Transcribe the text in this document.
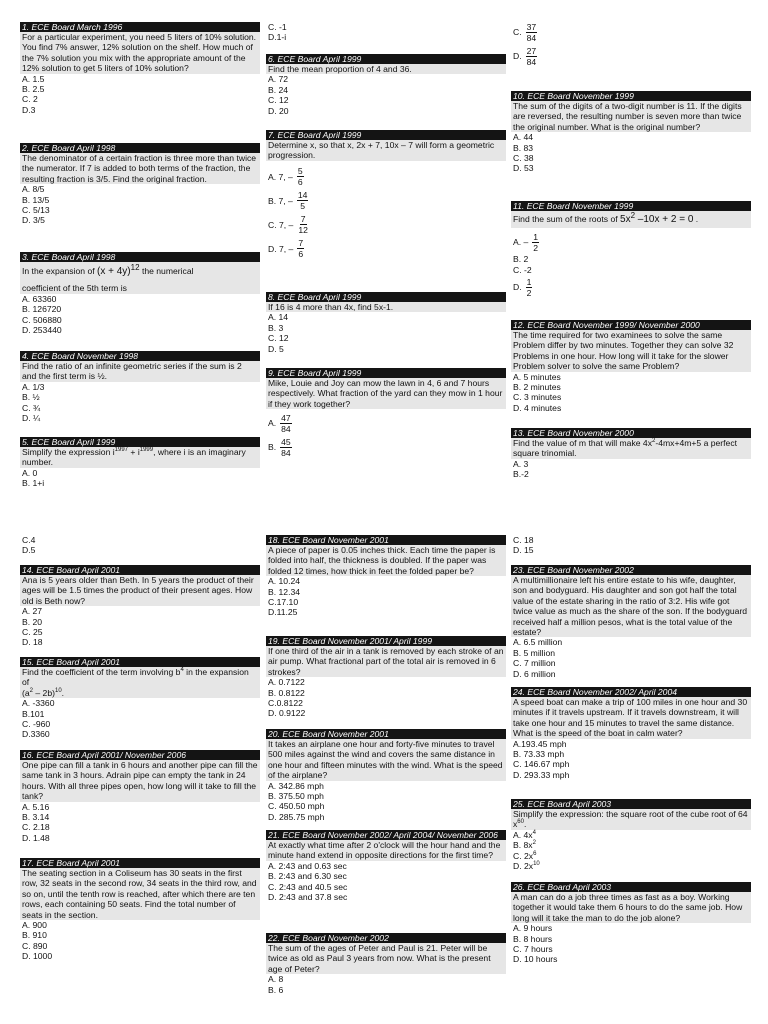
1. ECE Board March 1996
For a particular experiment, you need 5 liters of 10% solution. You find 7% answer, 12% solution on the shelf. How much of the 7% solution you mix with the appropriate amount of the 12% solution to get 5 liters of 10% solution?
A. 1.5
B. 2.5
C. 2
D.3
2. ECE Board April 1998
The denominator of a certain fraction is three more than twice the numerator. If 7 is added to both terms of the fraction, the resulting fraction is 3/5. Find the original fraction.
A. 8/5
B. 13/5
C. 5/13
D. 3/5
3. ECE Board April 1998
In the expansion of $(x + 4y)^{12}$ the numerical
coefficient of the 5th term is
A. 63360
B. 126720
C. 506880
D. 253440
4. ECE Board November 1998
Find the ratio of an infinite geometric series if the sum is 2 and the first term is ½.
A. 1/3
B. ½
C. ¾
D. ¼
5. ECE Board April 1999
Simplify the expression $i^{1997} + i^{1999}$, where i is an imaginary number.
A. 0
B. 1+i
C.4
D.5
14. ECE Board April 2001
Ana is 5 years older than Beth. In 5 years the product of their ages will be 1.5 times the product of their present ages. How old is Beth now?
A. 27
B. 20
C. 25
D. 18
15. ECE Board April 2001
Find the coefficient of the term involving $b^4$ in the expansion of
$(a^2 - 2b)^{10}$.
A. -3360
B.101
C. -960
D.3360
16. ECE Board April 2001/ November 2006
One pipe can fill a tank in 6 hours and another pipe can fill the same tank in 3 hours. Adrain pipe can empty the tank in 24 hours. With all three pipes open, how long will it take to fill the tank?
A. 5.16
B. 3.14
C. 2.18
D. 1.48
17. ECE Board April 2001
The seating section in a Coliseum has 30 seats in the first row, 32 seats in the second row, 34 seats in the third row, and so on, until the tenth row is reached, after which there are ten rows, each containing 50 seats. Find the total number of seats in the section.
A. 900
B. 910
C. 890
D. 1000
C. -1
D.1-i
6. ECE Board April 1999
Find the mean proportion of 4 and 36.
A. 72
B. 24
C. 12
D. 20
7. ECE Board April 1999
Determine x, so that x, 2x + 7, 10x – 7 will form a geometric progression.
A. 7, – $\frac{5}{6}$
B. 7, – $\frac{14}{5}$
C. 7, – $\frac{7}{12}$
D. 7, – $\frac{7}{6}$
8. ECE Board April 1999
If 16 is 4 more than 4x, find 5x-1.
A. 14
B. 3
C. 12
D. 5
9. ECE Board April 1999
Mike, Louie and Joy can mow the lawn in 4, 6 and 7 hours respectively. What fraction of the yard can they mow in 1 hour if they work together?
A. $\frac{47}{84}$
B. $\frac{45}{84}$
18. ECE Board November 2001
A piece of paper is 0.05 inches thick. Each time the paper is folded into half, the thickness is doubled. If the paper was folded 12 times, how thick in feet the folded paper be?
A. 10.24
B. 12.34
C.17.10
D.11.25
19. ECE Board November 2001/ April 1999
If one third of the air in a tank is removed by each stroke of an air pump. What fractional part of the total air is removed in 6 strokes?
A. 0.7122
B. 0.8122
C.0.8122
D. 0.9122
20. ECE Board November 2001
It takes an airplane one hour and forty-five minutes to travel 500 miles against the wind and covers the same distance in one hour and fifteen minutes with the wind. What is the speed of the airplane?
A. 342.86 mph
B. 375.50 mph
C. 450.50 mph
D. 285.75 mph
21. ECE Board November 2002/ April 2004/ November 2006
At exactly what time after 2 o'clock will the hour hand and the minute hand extend in opposite directions for the first time?
A. 2:43 and 0.63 sec
B. 2:43 and 6.30 sec
C. 2:43 and 40.5 sec
D. 2:43 and 37.8 sec
22. ECE Board November 2002
The sum of the ages of Peter and Paul is 21. Peter will be twice as old as Paul 3 years from now. What is the present age of Peter?
A. 8
B. 6
C. $\frac{37}{84}$
D. $\frac{27}{84}$
10. ECE Board November 1999
The sum of the digits of a two-digit number is 11. If the digits are reversed, the resulting number is seven more than twice the original number. What is the original number?
A. 44
B. 83
C. 38
D. 53
11. ECE Board November 1999
Find the sum of the roots of $5x^2$ –10x + 2 = 0 .
A. – $\frac{1}{2}$
B. 2
C. -2
D. $\frac{1}{2}$
12. ECE Board November 1999/ November 2000
The time required for two examinees to solve the same Problem differ by two minutes. Together they can solve 32 Problems in one hour. How long will it take for the slower Problem solver to solve the same Problem?
A. 5 minutes
B. 2 minutes
C. 3 minutes
D. 4 minutes
13. ECE Board November 2000
Find the value of m that will make $4x^2-4mx+4m+5$ a perfect square trinomial.
A. 3
B.-2
C. 18
D. 15
23. ECE Board November 2002
A multimillionaire left his entire estate to his wife, daughter, son and bodyguard. His daughter and son got half the total value of the estate sharing in the ratio of 3:2. His wife got twice value as much as the share of the son. If the bodyguard received half a million pesos, what is the total value of the estate?
A. 6.5 million
B. 5 million
C. 7 million
D. 6 million
24. ECE Board November 2002/ April 2004
A speed boat can make a trip of 100 miles in one hour and 30 minutes if it travels upstream. If it travels downstream, it will take one hour and 15 minutes to travel the same distance. What is the speed of the boat in calm water?
A.193.45 mph
B. 73.33 mph
C. 146.67 mph
D. 293.33 mph
25. ECE Board April 2003
Simplify the expression: the square root of the cube root of 64 $x^{60}$.
A. $4x^4$
B. $8x^2$
C. $2x^6$
D. $2x^{10}$
26. ECE Board April 2003
A man can do a job three times as fast as a boy. Working together it would take them 6 hours to do the same job. How long will it take the man to do the job alone?
A. 9 hours
B. 8 hours
C. 7 hours
D. 10 hours
